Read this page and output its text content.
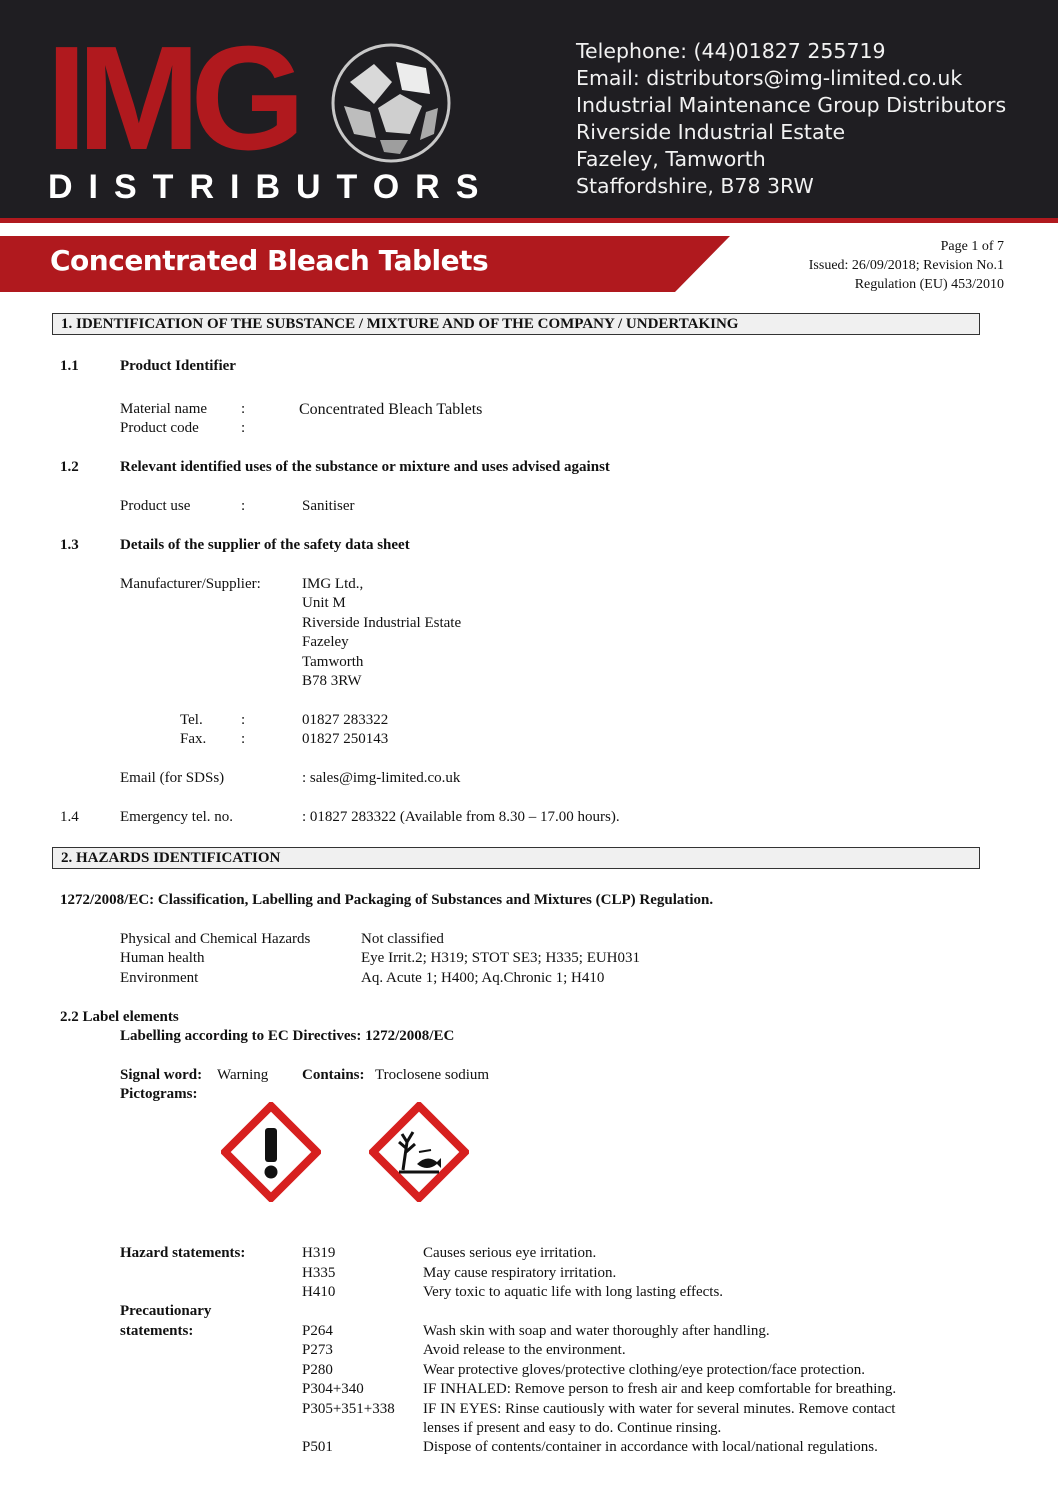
IMG
DISTRIBUTORS
Telephone: (44)01827 255719
Email: distributors@img-limited.co.uk
Industrial Maintenance Group Distributors
Riverside Industrial Estate
Fazeley, Tamworth
Staffordshire, B78 3RW
Concentrated Bleach Tablets	Page 1 of 7
Issued: 26/09/2018; Revision No.1
Regulation (EU) 453/2010
1. IDENTIFICATION OF THE SUBSTANCE / MIXTURE AND OF THE COMPANY / UNDERTAKING
1.1	Product Identifier
Material name :	Concentrated Bleach Tablets
Product code	:
1.2	Relevant identified uses of the substance or mixture and uses advised against
Product use	:	Sanitiser
1.3	Details of the supplier of the safety data sheet
Manufacturer/Supplier:	IMG Ltd.,
Unit M
Riverside Industrial Estate
Fazeley
Tamworth
B78 3RW
Tel.	:	01827 283322
Fax. :	01827 250143
Email (for SDSs)	: sales@img-limited.co.uk
1.4	Emergency tel. no.	: 01827 283322 (Available from 8.30 – 17.00 hours).
2. HAZARDS IDENTIFICATION
1272/2008/EC: Classification, Labelling and Packaging of Substances and Mixtures (CLP) Regulation.
Physical and Chemical Hazards	Not classified
Human health	Eye Irrit.2; H319; STOT SE3; H335; EUH031
Environment	Aq. Acute 1; H400; Aq.Chronic 1; H410
2.2 Label elements
Labelling according to EC Directives: 1272/2008/EC
Signal word: Warning Contains: Troclosene sodium
Pictograms:
Hazard statements:	H319	Causes serious eye irritation.
H335	May cause respiratory irritation.
H410	Very toxic to aquatic life with long lasting effects.
Precautionary
statements:	P264	Wash skin with soap and water thoroughly after handling.
P273	Avoid release to the environment.
P280	Wear protective gloves/protective clothing/eye protection/face protection.
P304+340	IF INHALED: Remove person to fresh air and keep comfortable for breathing.
P305+351+338 IF IN EYES: Rinse cautiously with water for several minutes. Remove contact
lenses if present and easy to do. Continue rinsing.
P501	Dispose of contents/container in accordance with local/national regulations.
